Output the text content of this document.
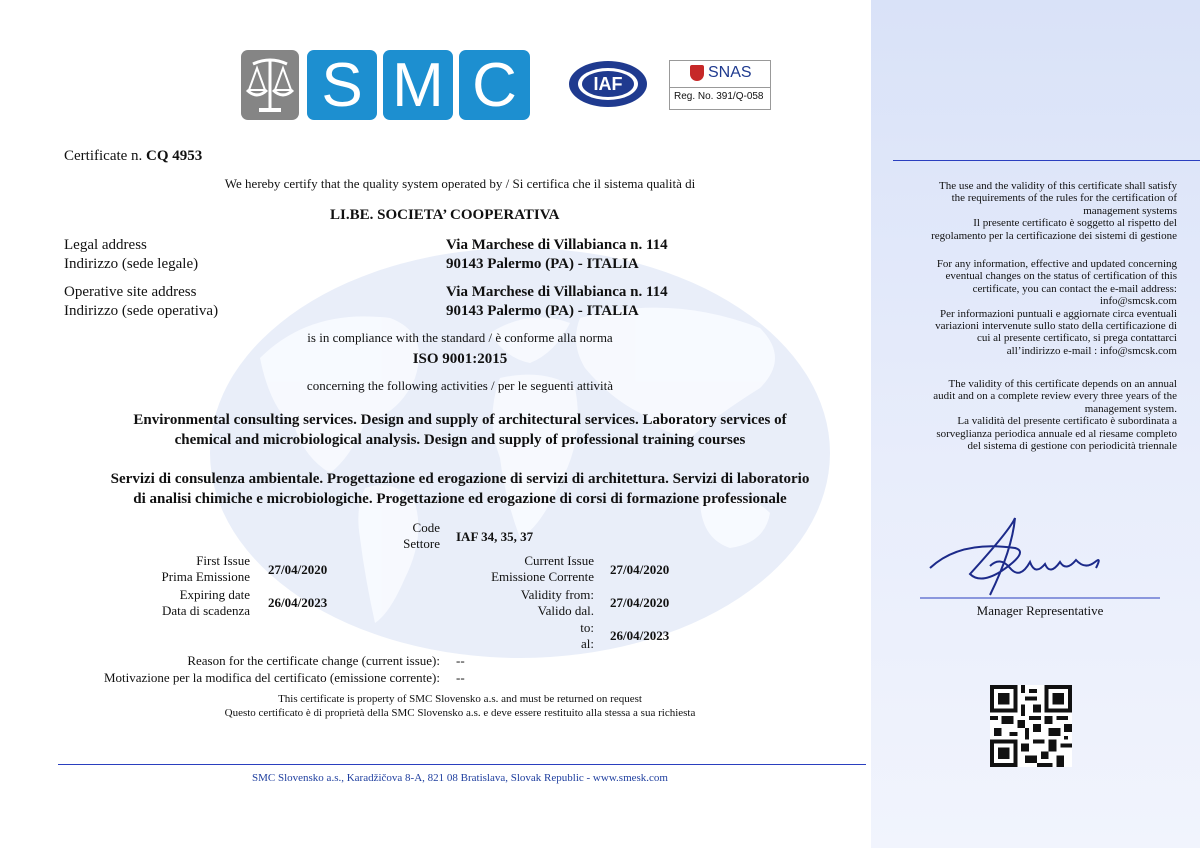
S M C	IAF
SNAS
Reg. No. 391/Q-058
Certificate n. CQ 4953
We hereby certify that the quality system operated by / Si certifica che il sistema qualità di
LI.BE. SOCIETA’ COOPERATIVA
Legal address
Indirizzo (sede legale)
Via Marchese di Villabianca n. 114
90143 Palermo (PA) - ITALIA
Operative site address
Indirizzo (sede operativa)
Via Marchese di Villabianca n. 114
90143 Palermo (PA) - ITALIA
is in compliance with the standard / è conforme alla norma
ISO 9001:2015
concerning the following activities / per le seguenti attività
Environmental consulting services. Design and supply of architectural services. Laboratory services of
chemical and microbiological analysis. Design and supply of professional training courses
Servizi di consulenza ambientale. Progettazione ed erogazione di servizi di architettura. Servizi di laboratorio
di analisi chimiche e microbiologiche. Progettazione ed erogazione di corsi di formazione professionale
Code
Settore IAF 34, 35, 37
First Issue
Prima Emissione 27/04/2020
Expiring date
Data di scadenza
26/04/2023
Current Issue
Emissione Corrente 27/04/2020
Validity from:
Valido dal.
27/04/2020
to:
al:
26/04/2023
Reason for the certificate change (current issue):
Motivazione per la modifica del certificato (emissione corrente):
--
--
This certificate is property of SMC Slovensko a.s. and must be returned on request
Questo certificato è di proprietà della SMC Slovensko a.s. e deve essere restituito alla stessa a sua richiesta
SMC Slovensko a.s., Karadžičova 8-A, 821 08 Bratislava, Slovak Republic - www.smesk.com
The use and the validity of this certificate shall satisfy
the requirements of the rules for the certification of
management systems
Il presente certificato è soggetto al rispetto del
regolamento per la certificazione dei sistemi di gestione
For any information, effective and updated concerning
eventual changes on the status of certification of this
certificate, you can contact the e-mail address:
info@smcsk.com
Per informazioni puntuali e aggiornate circa eventuali
variazioni intervenute sullo stato della certificazione di
cui al presente certificato, si prega contattarci
all’indirizzo e-mail : info@smcsk.com
The validity of this certificate depends on an annual
audit and on a complete review every three years of the
management system.
La validità del presente certificato è subordinata a
sorveglianza periodica annuale ed al riesame completo
del sistema di gestione con periodicità triennale
Manager Representative
